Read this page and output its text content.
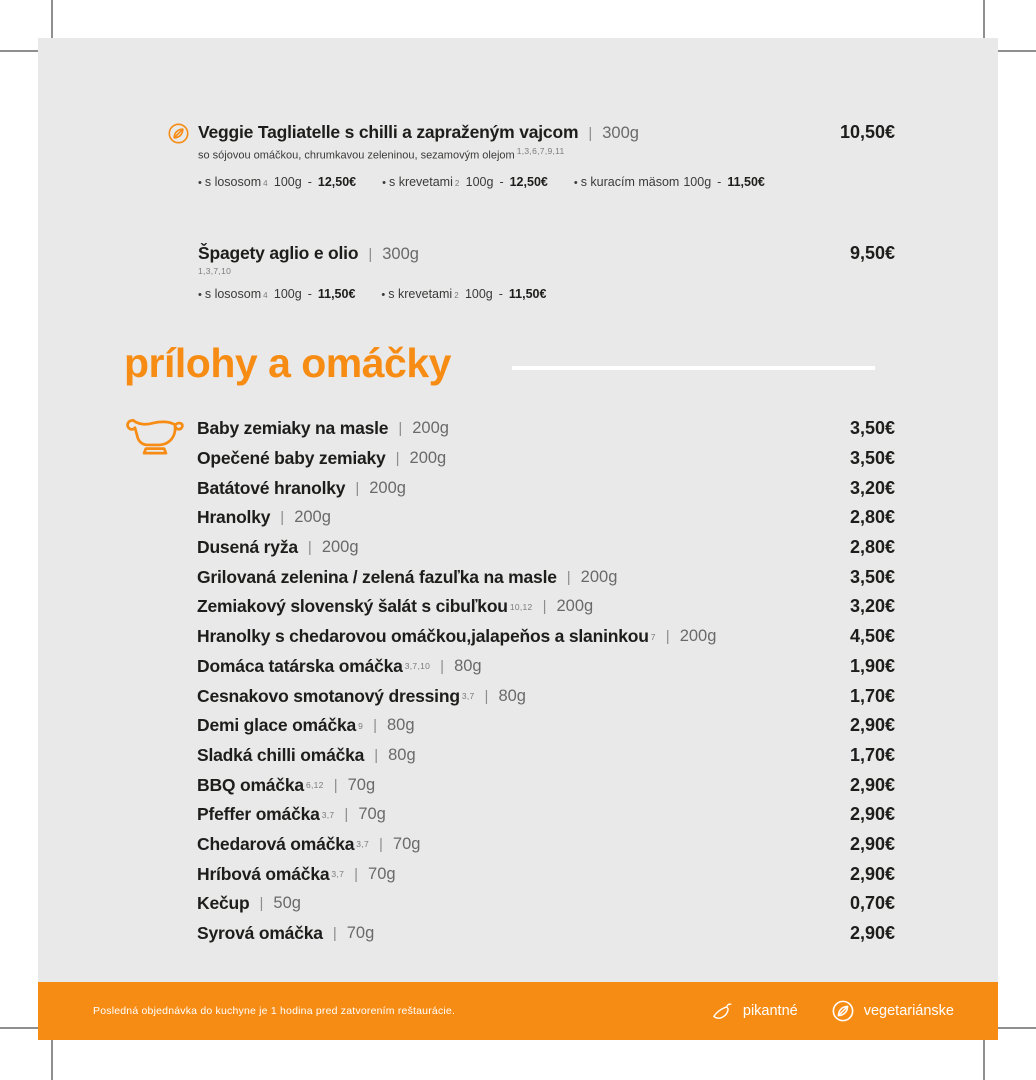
Veggie Tagliatelle s chilli a zapraženým vajcom | 300g	10,50€
so sójovou omáčkou, chrumkavou zeleninou, sezamovým olejom $^{1,3,6,7,9,11}$
• s lososom 4 100g - 12,50€ • s krevetami 2 100g - 12,50€ • s kuracím mäsom 100g - 11,50€
Špagety aglio e olio | 300g	9,50€
1,3,7,10
• s lososom 4 100g - 11,50€ • s krevetami 2 100g - 11,50€
prílohy a omáčky
Baby zemiaky na masle | 200g	3,50€
Opečené baby zemiaky | 200g	3,50€
Batátové hranolky | 200g	3,20€
Hranolky | 200g	2,80€
Dusená ryža | 200g	2,80€
Grilovaná zelenina / zelená fazuľka na masle | 200g	3,50€
Zemiakový slovenský šalát s cibuľkou 10,12 | 200g	3,20€
Hranolky s chedarovou omáčkou,jalapeňos a slaninkou 7 | 200g	4,50€
Domáca tatárska omáčka 3,7,10 | 80g	1,90€
Cesnakovo smotanový dressing 3,7 | 80g	1,70€
Demi glace omáčka 9 | 80g	2,90€
Sladká chilli omáčka | 80g	1,70€
BBQ omáčka 6,12 | 70g	2,90€
Pfeffer omáčka 3,7 | 70g	2,90€
Chedarová omáčka 3,7 | 70g	2,90€
Hríbová omáčka 3,7 | 70g	2,90€
Kečup | 50g	0,70€
Syrová omáčka | 70g	2,90€
Posledná objednávka do kuchyne je 1 hodina pred zatvorením reštaurácie.	pikantné	vegetariánske
